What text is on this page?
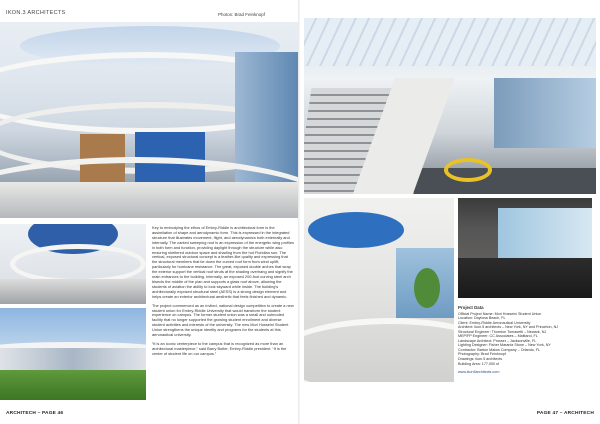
IKON.3 ARCHITECTS	Photos: Brad Feinknopf

Key to embodying the ethos of Embry-Riddle is architectural form is the assimilation of shape and aerodynamic form. This is expressed in the integrated structure that illustrates movement, flight, and aerodynamics both externally and internally. The canted sweeping roof is an expression of the energetic wing profiles in both form and function, providing daylight through the structure while also ensuring sheltered outdoor space and shading from the hot Floridian sun. The vertical, exposed structural concept is a feather-like quality and expressing that the structural members that tie down the curved roof form from wind uplift, particularly for hurricane resistance. The great, exposed double arches that wrap the exterior support the vertical roof struts at the shading overhang and signify the main entrances to the building. Internally, an exposed 200-foot curving steel arch bisects the middle of the plan and supports a glass roof above, allowing the students of aviation the ability to look skyward while inside. The building’s architecturally exposed structural steel (AESS) is a strong design element and helps create an exterior architectural aesthetic that feels finished and dynamic.

The project commenced as an invited, national design competition to create a new student union for Embry-Riddle University that would transform the student experience on campus. The former student union was a small and outmoded facility that no longer supported the growing student enrollment and diverse student activities and interests of the university. The new Mori Hosseini Student Union strengthens the unique identity and programs for the students at this aeronautical university.

“It is an iconic centerpiece to the campus that is recognized as more than an architectural masterpiece,” said Barry Butler, Embry-Riddle president. “It is the center of student life on our campus.”

ARCHITECH – PAGE 46
Project Data
Official Project Name: Mori Hosseini Student Union
Location: Daytona Beach, FL
Client: Embry-Riddle Aeronautical University
Architect: ikon.5 architects – New York, NY and Princeton, NJ
Structural Engineer: Thornton Tomasetti – Newark, NJ
MEP/FP Engineer: CC Associates – Maitland, FL
Landscape Architect: Prosser – Jacksonville, FL
Lighting Designer: Fisher Marantz Stone – New York, NY
Contractor: Barton Malow Company – Orlando, FL
Photography: Brad Feinknopf
Drawings: ikon.5 architects
Building Area: 177,000 sf
www.ikon5architects.com
PAGE 47 – ARCHITECH
